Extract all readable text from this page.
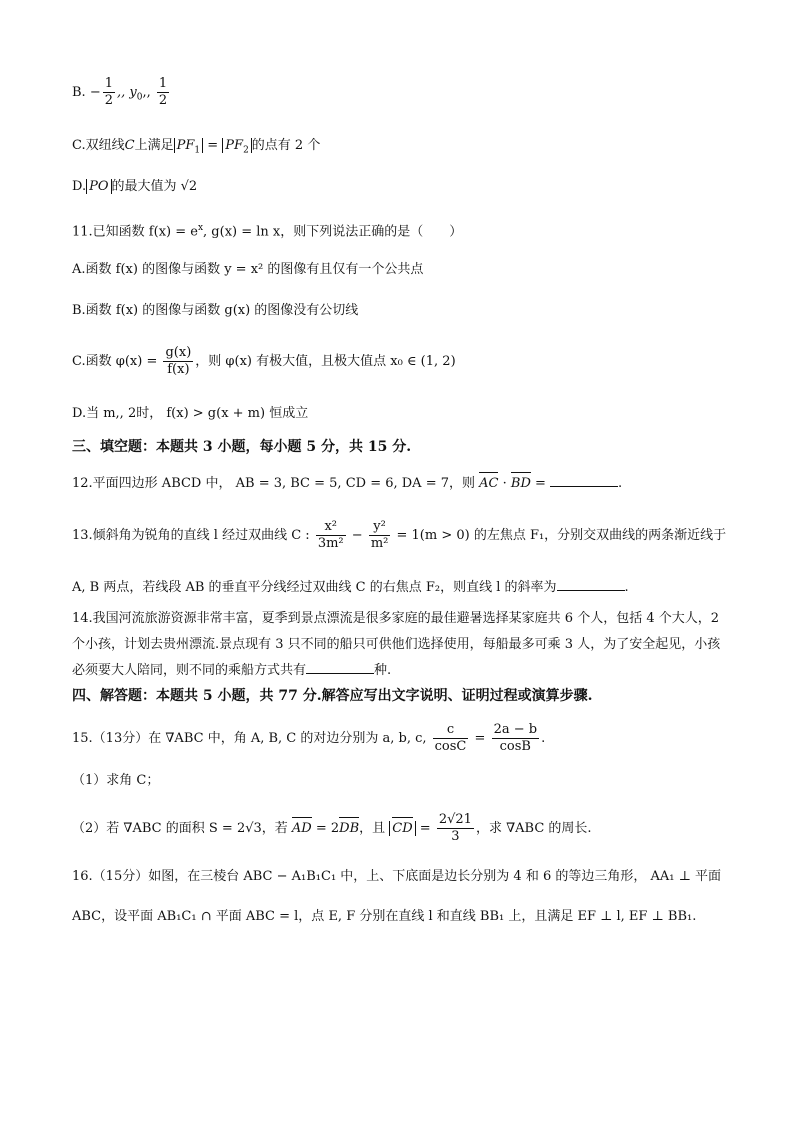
B. − $\frac{1}{2}$ ,, $y_0$,, $\frac{1}{2}$
C.双纽线C上满足 $PF_1 = PF_2$ 的点有 2 个
D. PO 的最大值为 √2
11.已知函数 $f(x) = e^x$, g(x) = ln x，则下列说法正确的是（　　）
A.函数 f(x) 的图像与函数 y = x² 的图像有且仅有一个公共点
B.函数 f(x) 的图像与函数 g(x) 的图像没有公切线
C.函数 $\varphi(x) = \frac{g(x)}{f(x)}$ ，则 φ(x) 有极大值，且极大值点 x₀ ∈ (1, 2)
D.当 m,, 2时， f(x) > g(x + m) 恒成立
三、填空题：本题共 3 小题，每小题 5 分，共 15 分.
12.平面四边形 ABCD 中， AB = 3, BC = 5, CD = 6, DA = 7，则 AC · BD =	.
13.倾斜角为锐角的直线 l 经过双曲线 C : $\frac{\text{x²}}{\text{3m²}} - \frac{\text{y²}}{\text{m²}} = 1(m > 0)$ 的左焦点 F₁，分别交双曲线的两条渐近线于
A, B 两点，若线段 AB 的垂直平分线经过双曲线 C 的右焦点 F₂，则直线 l 的斜率为	.
14.我国河流旅游资源非常丰富，夏季到景点漂流是很多家庭的最佳避暑选择某家庭共 6 个人，包括 4 个大人，2 个小孩，计划去贵州漂流.景点现有 3 只不同的船只可供他们选择使用，每船最多可乘 3 人，为了安全起见，小孩必须要大人陪同，则不同的乘船方式共有	种.
四、解答题：本题共 5 小题，共 77 分.解答应写出文字说明、证明过程或演算步骤.
15.（13分）在 ∇ABC 中，角 A, B, C 的对边分别为 a, b, c, $\frac{c}{\cos C} = \frac{2a - b}{\cos B}$ .
（1）求角 C；
（2）若 ∇ABC 的面积 S = 2√3，若 AD = 2DB，且 CD = $\frac{2√21}{3}$ ，求 ∇ABC 的周长.
16.（15分）如图，在三棱台 ABC − A₁B₁C₁ 中，上、下底面是边长分别为 4 和 6 的等边三角形， AA₁ ⊥ 平面
ABC，设平面 AB₁C₁ ∩ 平面 ABC = l，点 E, F 分别在直线 l 和直线 BB₁ 上，且满足 EF ⊥ l, EF ⊥ BB₁.
